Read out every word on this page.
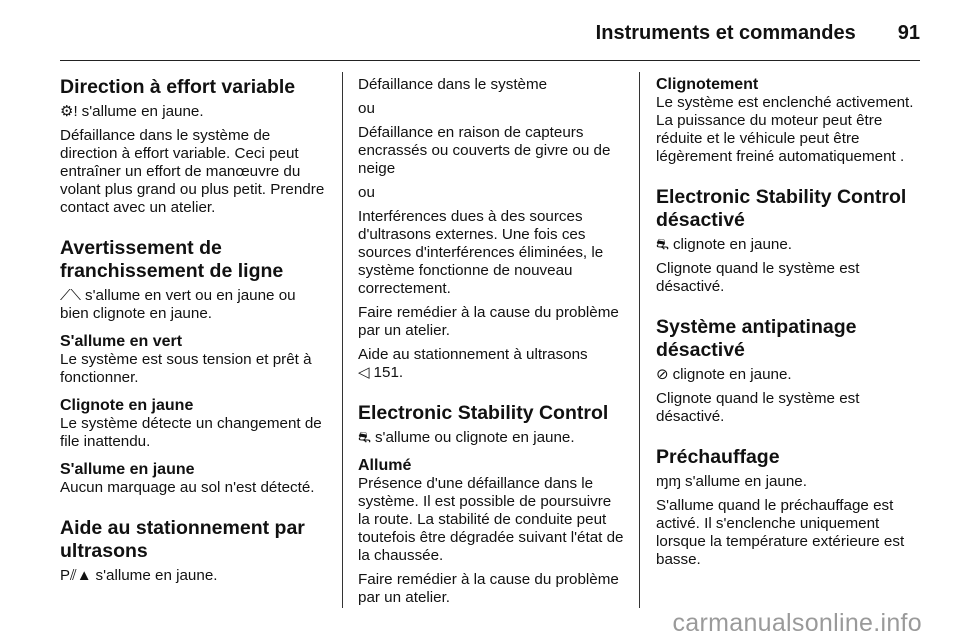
Instruments et commandes 91
Direction à effort variable

⚙! s'allume en jaune.

Défaillance dans le système de direction à effort variable. Ceci peut entraîner un effort de manœuvre du volant plus grand ou plus petit. Prendre contact avec un atelier.

Avertissement de franchissement de ligne

⟋⟍ s'allume en vert ou en jaune ou bien clignote en jaune.

S'allume en vert

Le système est sous tension et prêt à fonctionner.

Clignote en jaune

Le système détecte un changement de file inattendu.

S'allume en jaune

Aucun marquage au sol n'est détecté.

Aide au stationnement par ultrasons

P⫽▲ s'allume en jaune.

Défaillance dans le système

ou

Défaillance en raison de capteurs encrassés ou couverts de givre ou de neige

ou

Interférences dues à des sources d'ultrasons externes. Une fois ces sources d'interférences éliminées, le système fonctionne de nouveau correctement.

Faire remédier à la cause du problème par un atelier.

Aide au stationnement à ultrasons
◁ 151.

Electronic Stability Control

⛐ s'allume ou clignote en jaune.

Allumé

Présence d'une défaillance dans le système. Il est possible de poursuivre la route. La stabilité de conduite peut toutefois être dégradée suivant l'état de la chaussée.

Faire remédier à la cause du problème par un atelier.

Clignotement

Le système est enclenché activement. La puissance du moteur peut être réduite et le véhicule peut être légèrement freiné automatiquement .

Electronic Stability Control désactivé

⛐ clignote en jaune.

Clignote quand le système est désactivé.

Système antipatinage désactivé

⊘ clignote en jaune.

Clignote quand le système est désactivé.

Préchauffage

ɱɱ s'allume en jaune.

S'allume quand le préchauffage est activé. Il s'enclenche uniquement lorsque la température extérieure est basse.

carmanualsonline.info
